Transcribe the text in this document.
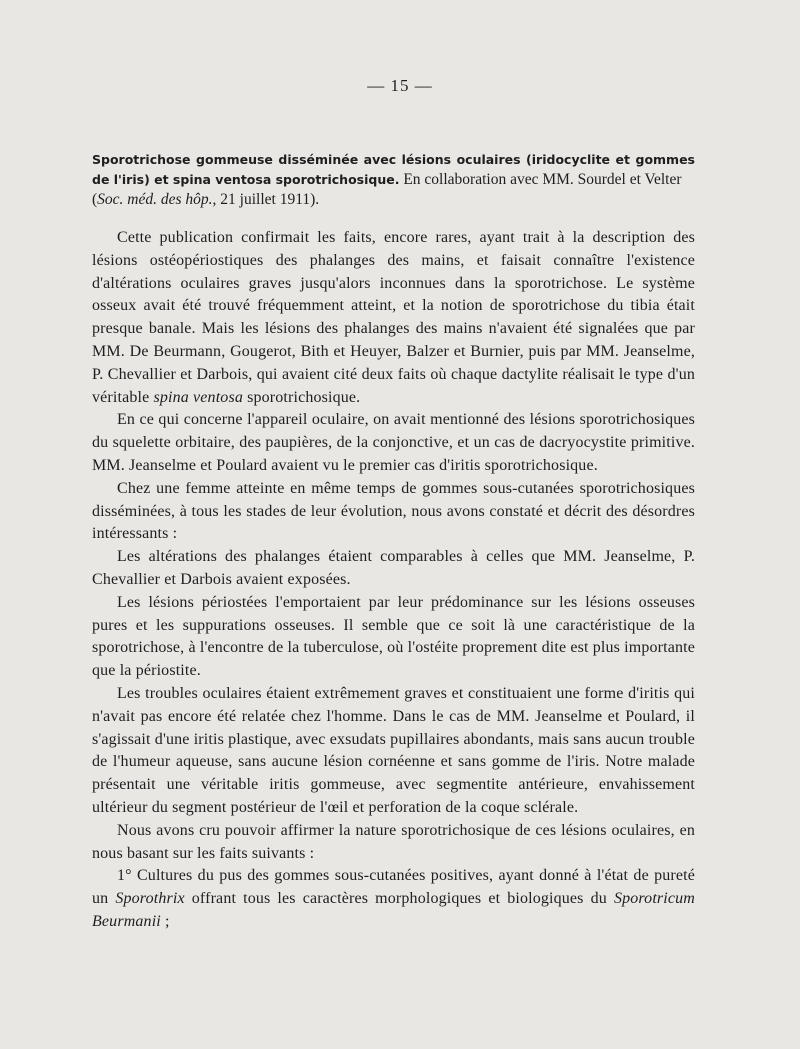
— 15 —
Sporotrichose gommeuse disséminée avec lésions oculaires (iridocyclite et gommes de l'iris) et spina ventosa sporotrichosique. En collaboration avec MM. Sourdel et Velter
(Soc. méd. des hôp., 21 juillet 1911).

Cette publication confirmait les faits, encore rares, ayant trait à la description des lésions ostéopériostiques des phalanges des mains, et faisait connaître l'existence d'altérations oculaires graves jusqu'alors inconnues dans la sporotrichose. Le système osseux avait été trouvé fréquemment atteint, et la notion de sporotrichose du tibia était presque banale. Mais les lésions des phalanges des mains n'avaient été signalées que par MM. De Beurmann, Gougerot, Bith et Heuyer, Balzer et Burnier, puis par MM. Jeanselme, P. Chevallier et Darbois, qui avaient cité deux faits où chaque dactylite réalisait le type d'un véritable spina ventosa sporotrichosique.

En ce qui concerne l'appareil oculaire, on avait mentionné des lésions sporotrichosiques du squelette orbitaire, des paupières, de la conjonctive, et un cas de dacryocystite primitive. MM. Jeanselme et Poulard avaient vu le premier cas d'iritis sporotrichosique.

Chez une femme atteinte en même temps de gommes sous-cutanées sporotrichosiques disséminées, à tous les stades de leur évolution, nous avons constaté et décrit des désordres intéressants :

Les altérations des phalanges étaient comparables à celles que MM. Jeanselme, P. Chevallier et Darbois avaient exposées.

Les lésions périostées l'emportaient par leur prédominance sur les lésions osseuses pures et les suppurations osseuses. Il semble que ce soit là une caractéristique de la sporotrichose, à l'encontre de la tuberculose, où l'ostéite proprement dite est plus importante que la périostite.

Les troubles oculaires étaient extrêmement graves et constituaient une forme d'iritis qui n'avait pas encore été relatée chez l'homme. Dans le cas de MM. Jeanselme et Poulard, il s'agissait d'une iritis plastique, avec exsudats pupillaires abondants, mais sans aucun trouble de l'humeur aqueuse, sans aucune lésion cornéenne et sans gomme de l'iris. Notre malade présentait une véritable iritis gommeuse, avec segmentite antérieure, envahissement ultérieur du segment postérieur de l'œil et perforation de la coque sclérale.

Nous avons cru pouvoir affirmer la nature sporotrichosique de ces lésions oculaires, en nous basant sur les faits suivants :

1° Cultures du pus des gommes sous-cutanées positives, ayant donné à l'état de pureté un Sporothrix offrant tous les caractères morphologiques et biologiques du Sporotricum Beurmanii ;
